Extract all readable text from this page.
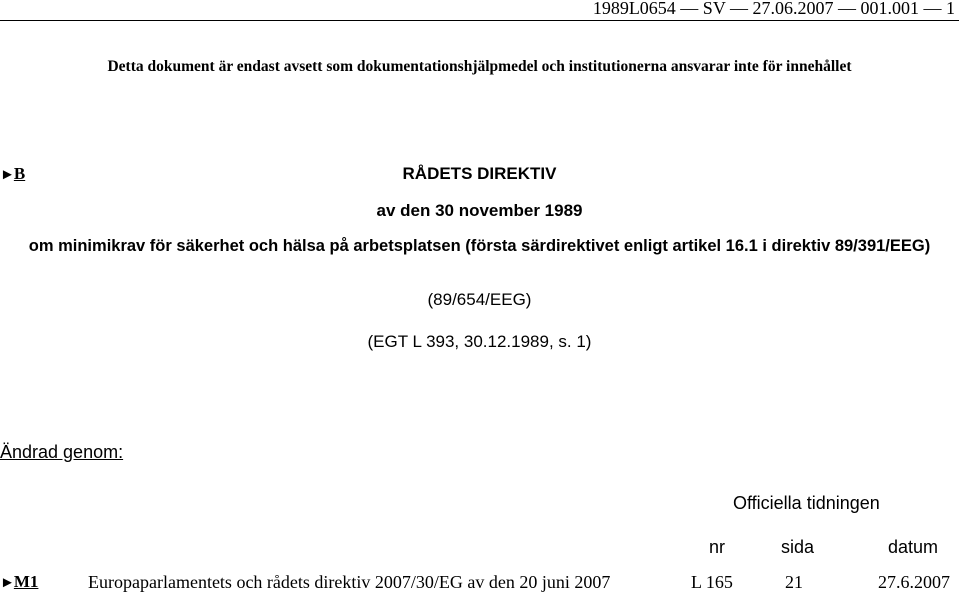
1989L0654 — SV — 27.06.2007 — 001.001 — 1
Detta dokument är endast avsett som dokumentationshjälpmedel och institutionerna ansvarar inte för innehållet
►B	RÅDETS DIREKTIV
av den 30 november 1989
om minimikrav för säkerhet och hälsa på arbetsplatsen (första särdirektivet enligt artikel 16.1 i direktiv 89/391/EEG)
(89/654/EEG)
(EGT L 393, 30.12.1989, s. 1)
Ändrad genom:
Officiella tidningen
nr	sida	datum
►M1	Europaparlamentets och rådets direktiv 2007/30/EG av den 20 juni 2007	L 165	21	27.6.2007
